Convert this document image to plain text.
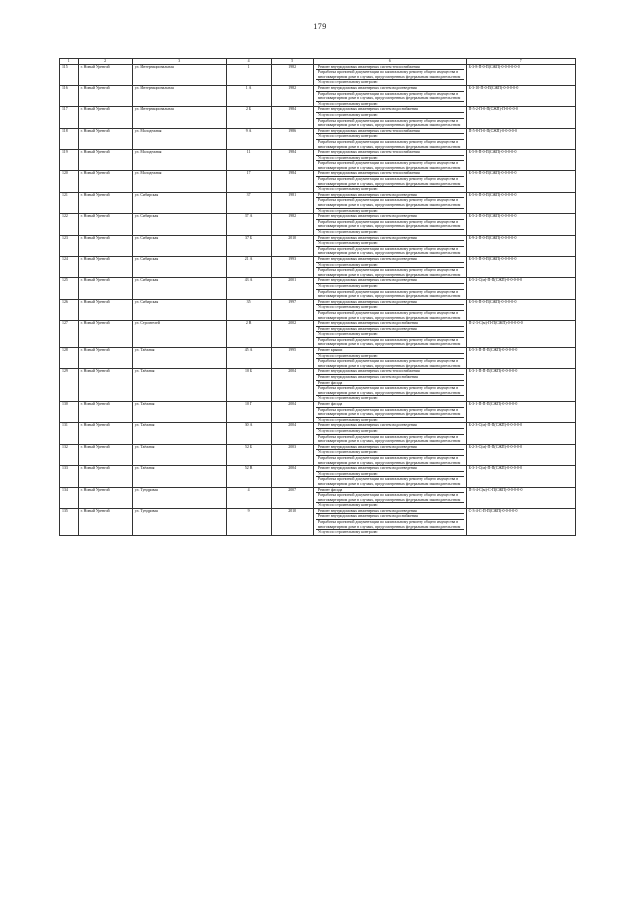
179
1	2	3	4	5	6	7
115	г. Новый Уренгой	ул. Интернациональная	1	1982	Ремонт внутридомовых инженерных систем теплоснабжения
Разработка проектной документации по капитальному ремонту общего имущества в многоквартирном доме в случаях, предусмотренных федеральным законодательством
Услуги по строительному контролю	Б-3-8-П-0-П(СЖП)-0-0-0-0-0-0
116	г. Новый Уренгой	ул. Интернациональная	1 А	1982	Ремонт внутридомовых инженерных систем водоотведения
Разработка проектной документации по капитальному ремонту общего имущества в многоквартирном доме в случаях, предусмотренных федеральным законодательством
Услуги по строительному контролю	Б-3-10-П-0-П(СЖП)-0-0-0-0-0
117	г. Новый Уренгой	ул. Интернациональная	2 Б	1984	Ремонт внутридомовых инженерных систем водоснабжения
Услуги по строительному контролю
Разработка проектной документации по капитальному ремонту общего имущества в многоквартирном доме в случаях, предусмотренных федеральным законодательством	П-5-2-П-0-П(СЖП)-П-0-0-0-0
118	г. Новый Уренгой	ул. Молодежная	9 А	1986	Ремонт внутридомовых инженерных систем теплоснабжения
Услуги по строительному контролю
Разработка проектной документации по капитальному ремонту общего имущества в многоквартирном доме в случаях, предусмотренных федеральным законодательством	П-5-8-П-0-П(СЖП)-0-0-0-0-0
119	г. Новый Уренгой	ул. Молодежная	11	1984	Ремонт внутридомовых инженерных систем теплоснабжения
Услуги по строительному контролю
Разработка проектной документации по капитальному ремонту общего имущества в многоквартирном доме в случаях, предусмотренных федеральным законодательством	Б-5-8-П-0-П(СЖП)-0-0-0-0-0
120	г. Новый Уренгой	ул. Молодежная	17	1984	Ремонт внутридомовых инженерных систем теплоснабжения
Разработка проектной документации по капитальному ремонту общего имущества в многоквартирном доме в случаях, предусмотренных федеральным законодательством
Услуги по строительному контролю	Б-5-6-П-0-П(СЖП)-0-0-0-0-0
121	г. Новый Уренгой	ул. Сибирская	37	1981	Ремонт внутридомовых инженерных систем водоотведения
Разработка проектной документации по капитальному ремонту общего имущества в многоквартирном доме в случаях, предусмотренных федеральным законодательством
Услуги по строительному контролю	Б-5-6-П-0-П(СЖП)-0-0-0-0-0
122	г. Новый Уренгой	ул. Сибирская	37 А	1982	Ремонт внутридомовых инженерных систем водоотведения
Разработка проектной документации по капитальному ремонту общего имущества в многоквартирном доме в случаях, предусмотренных федеральным законодательством
Услуги по строительному контролю	Б-5-2-П-0-П(СЖП)-0-0-0-0-0
123	г. Новый Уренгой	ул. Сибирская	37 Б	2010	Ремонт внутридомовых инженерных систем водоотведения
Услуги по строительному контролю
Разработка проектной документации по капитальному ремонту общего имущества в многоквартирном доме в случаях, предусмотренных федеральным законодательством	Б-9-2-П-0-П(СЖП)-0-0-0-0-0
124	г. Новый Уренгой	ул. Сибирская	21 А	1993	Ремонт внутридомовых инженерных систем водоотведения
Услуги по строительному контролю
Разработка проектной документации по капитальному ремонту общего имущества в многоквартирном доме в случаях, предусмотренных федеральным законодательством	Б-5-5-П-0-П(СЖП)-0-0-0-0-0
125	г. Новый Уренгой	ул. Сибирская	43 А	2001	Ремонт внутридомовых инженерных систем водоотведения
Услуги по строительному контролю
Разработка проектной документации по капитальному ремонту общего имущества в многоквартирном доме в случаях, предусмотренных федеральным законодательством	Б-5-2-С(м)-П-П(СЖП)-0-0-0-0-0
126	г. Новый Уренгой	ул. Сибирская	35	1997	Ремонт внутридомовых инженерных систем водоотведения
Услуги по строительному контролю
Разработка проектной документации по капитальному ремонту общего имущества в многоквартирном доме в случаях, предусмотренных федеральным законодательством	Б-5-6-П-0-П(СЖП)-0-0-0-0-0
127	г. Новый Уренгой	ул. Строителей	2 В	2002	Ремонт внутридомовых инженерных систем водоснабжения
Ремонт внутридомовых инженерных систем водоотведения
Услуги по строительному контролю
Разработка проектной документации по капитальному ремонту общего имущества в многоквартирном доме в случаях, предусмотренных федеральным законодательством	П-2-3-С(м)-П-П(СЖП)-0-0-0-0-0
128	г. Новый Уренгой	ул. Таёжная	45 А	1995	Ремонт крыши
Услуги по строительному контролю
Разработка проектной документации по капитальному ремонту общего имущества в многоквартирном доме в случаях, предусмотренных федеральным законодательством	Б-5-3-П-П-П(СЖП)-0-0-0-0-0
129	г. Новый Уренгой	ул. Таёжная	10 Б	2004	Ремонт внутридомовых инженерных систем теплоснабжения
Ремонт внутридомовых инженерных систем водоснабжения
Ремонт фасада
Разработка проектной документации по капитальному ремонту общего имущества в многоквартирном доме в случаях, предусмотренных федеральным законодательством
Услуги по строительному контролю	Б-3-1-П-П-П(СЖП)-0-0-0-0-0
130	г. Новый Уренгой	ул. Таёжная	10 Г	2004	Ремонт фасада
Разработка проектной документации по капитальному ремонту общего имущества в многоквартирном доме в случаях, предусмотренных федеральным законодательством
Услуги по строительному контролю	Б-3-1-П-П-П(СЖП)-0-0-0-0-0
131	г. Новый Уренгой	ул. Таёжная	30 А	2004	Ремонт внутридомовых инженерных систем водоотведения
Услуги по строительному контролю
Разработка проектной документации по капитальному ремонту общего имущества в многоквартирном доме в случаях, предусмотренных федеральным законодательством	Б-2-3-С(м)-П-П(СЖП)-0-0-0-0-0
132	г. Новый Уренгой	ул. Таёжная	52 Б	2003	Ремонт внутридомовых инженерных систем водоотведения
Услуги по строительному контролю
Разработка проектной документации по капитальному ремонту общего имущества в многоквартирном доме в случаях, предусмотренных федеральным законодательством	Б-2-3-С(м)-П-П(СЖП)-0-0-0-0-0
133	г. Новый Уренгой	ул. Таёжная	52 В	2004	Ремонт внутридомовых инженерных систем водоотведения
Услуги по строительному контролю
Разработка проектной документации по капитальному ремонту общего имущества в многоквартирном доме в случаях, предусмотренных федеральным законодательством	Б-3-1-С(м)-П-П(СЖП)-0-0-0-0-0
134	г. Новый Уренгой	ул. Тундровая	4	2007	Ремонт фасада
Разработка проектной документации по капитальному ремонту общего имущества в многоквартирном доме в случаях, предусмотренных федеральным законодательством
Услуги по строительному контролю	П-3-4-С(м)-С-П(СЖП)-0-0-0-0-0
135	г. Новый Уренгой	ул. Тундровая	9	2010	Ремонт внутридомовых инженерных систем водоотведения
Ремонт внутридомовых инженерных систем водоснабжения
Разработка проектной документации по капитальному ремонту общего имущества в многоквартирном доме в случаях, предусмотренных федеральным законодательством
Услуги по строительному контролю	С-3-4-С-П-П(СЖП)-0-0-0-0-0
